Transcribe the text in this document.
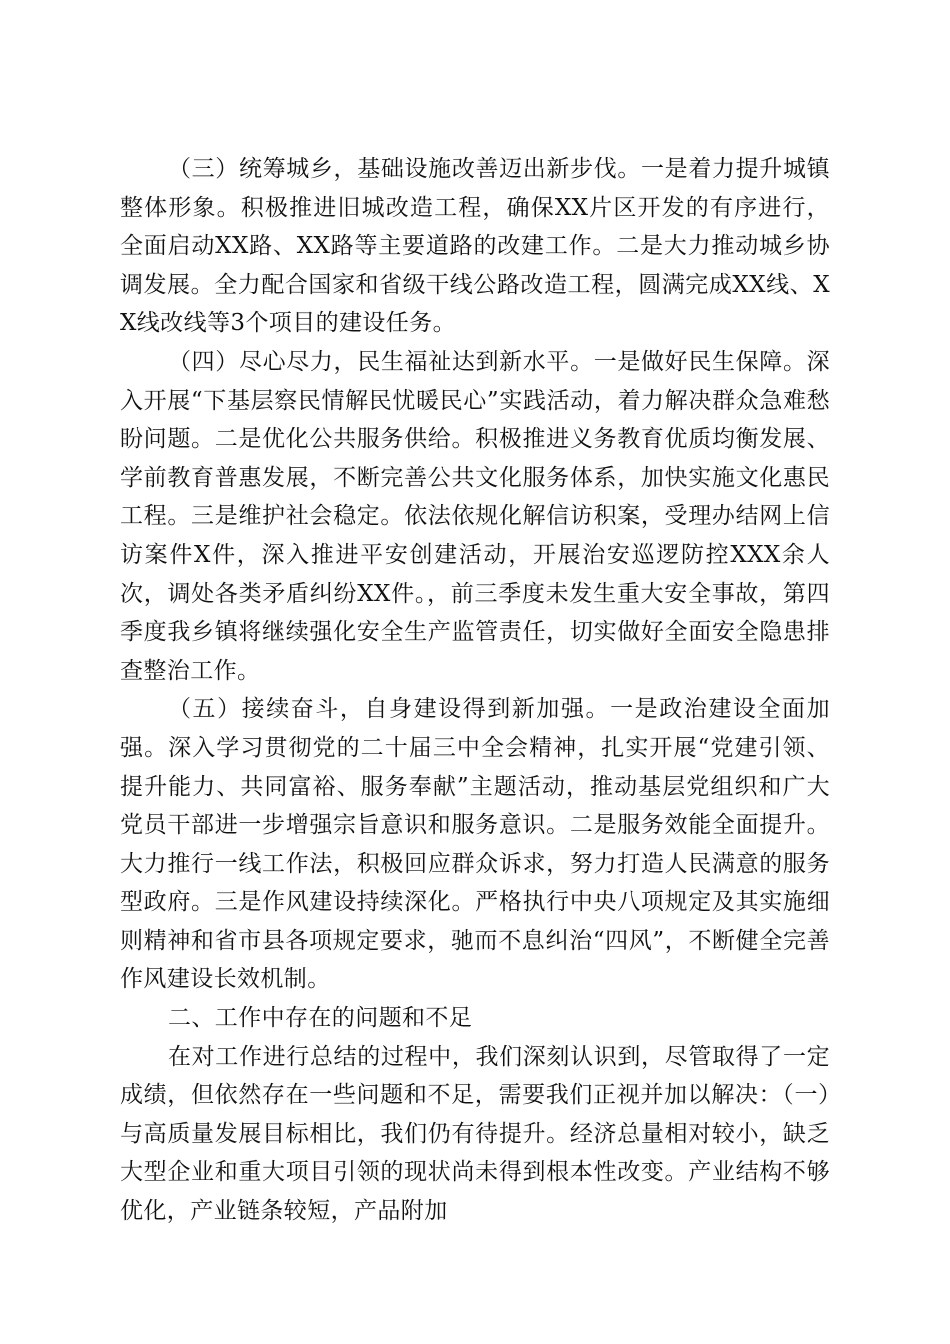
（三）统筹城乡，基础设施改善迈出新步伐。一是着力提升城镇整体形象。积极推进旧城改造工程，确保XX片区开发的有序进行，全面启动XX路、XX路等主要道路的改建工作。二是大力推动城乡协调发展。全力配合国家和省级干线公路改造工程，圆满完成XX线、XX线改线等3个项目的建设任务。

（四）尽心尽力，民生福祉达到新水平。一是做好民生保障。深入开展“下基层察民情解民忧暖民心”实践活动，着力解决群众急难愁盼问题。二是优化公共服务供给。积极推进义务教育优质均衡发展、学前教育普惠发展，不断完善公共文化服务体系，加快实施文化惠民工程。三是维护社会稳定。依法依规化解信访积案，受理办结网上信访案件X件，深入推进平安创建活动，开展治安巡逻防控XXX余人次，调处各类矛盾纠纷XX件。，前三季度未发生重大安全事故，第四季度我乡镇将继续强化安全生产监管责任，切实做好全面安全隐患排查整治工作。

（五）接续奋斗，自身建设得到新加强。一是政治建设全面加强。深入学习贯彻党的二十届三中全会精神，扎实开展“党建引领、提升能力、共同富裕、服务奉献”主题活动，推动基层党组织和广大党员干部进一步增强宗旨意识和服务意识。二是服务效能全面提升。大力推行一线工作法，积极回应群众诉求，努力打造人民满意的服务型政府。三是作风建设持续深化。严格执行中央八项规定及其实施细则精神和省市县各项规定要求，驰而不息纠治“四风”，不断健全完善作风建设长效机制。

二、工作中存在的问题和不足

在对工作进行总结的过程中，我们深刻认识到，尽管取得了一定成绩，但依然存在一些问题和不足，需要我们正视并加以解决：（一）与高质量发展目标相比，我们仍有待提升。经济总量相对较小，缺乏大型企业和重大项目引领的现状尚未得到根本性改变。产业结构不够优化，产业链条较短，产品附加
